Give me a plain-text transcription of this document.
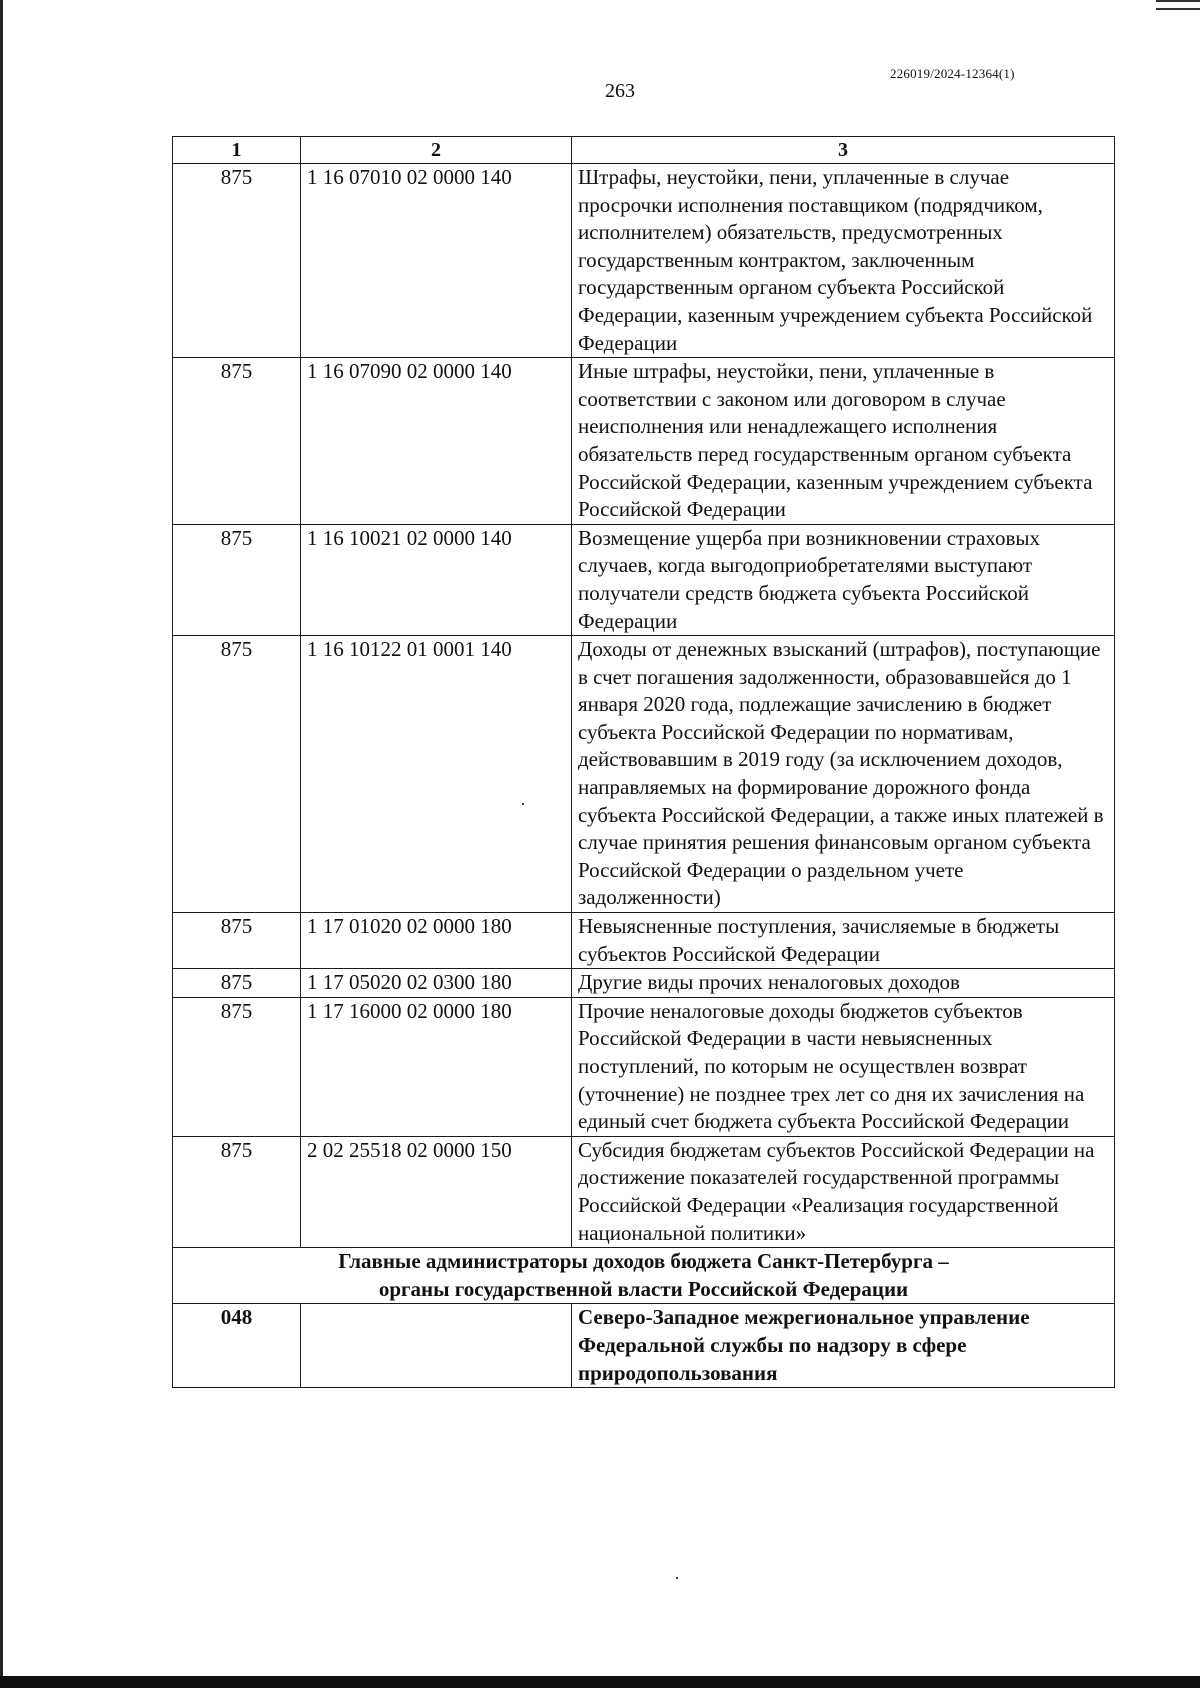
226019/2024-12364(1)
263
1	2	3
875	1 16 07010 02 0000 140	Штрафы, неустойки, пени, уплаченные в случае просрочки исполнения поставщиком (подрядчиком, исполнителем) обязательств, предусмотренных государственным контрактом, заключенным государственным органом субъекта Российской Федерации, казенным учреждением субъекта Российской Федерации
875	1 16 07090 02 0000 140	Иные штрафы, неустойки, пени, уплаченные в соответствии с законом или договором в случае неисполнения или ненадлежащего исполнения обязательств перед государственным органом субъекта Российской Федерации, казенным учреждением субъекта Российской Федерации
875	1 16 10021 02 0000 140	Возмещение ущерба при возникновении страховых случаев, когда выгодоприобретателями выступают получатели средств бюджета субъекта Российской Федерации
875	1 16 10122 01 0001 140	Доходы от денежных взысканий (штрафов), поступающие в счет погашения задолженности, образовавшейся до 1 января 2020 года, подлежащие зачислению в бюджет субъекта Российской Федерации по нормативам, действовавшим в 2019 году (за исключением доходов, направляемых на формирование дорожного фонда субъекта Российской Федерации, а также иных платежей в случае принятия решения финансовым органом субъекта Российской Федерации о раздельном учете задолженности)
875	1 17 01020 02 0000 180	Невыясненные поступления, зачисляемые в бюджеты субъектов Российской Федерации
875	1 17 05020 02 0300 180	Другие виды прочих неналоговых доходов
875	1 17 16000 02 0000 180	Прочие неналоговые доходы бюджетов субъектов Российской Федерации в части невыясненных поступлений, по которым не осуществлен возврат (уточнение) не позднее трех лет со дня их зачисления на единый счет бюджета субъекта Российской Федерации
875	2 02 25518 02 0000 150	Субсидия бюджетам субъектов Российской Федерации на достижение показателей государственной программы Российской Федерации «Реализация государственной национальной политики»

Главные администраторы доходов бюджета Санкт-Петербурга –
органы государственной власти Российской Федерации		

048		Северо-Западное межрегиональное управление Федеральной службы по надзору в сфере природопользования
